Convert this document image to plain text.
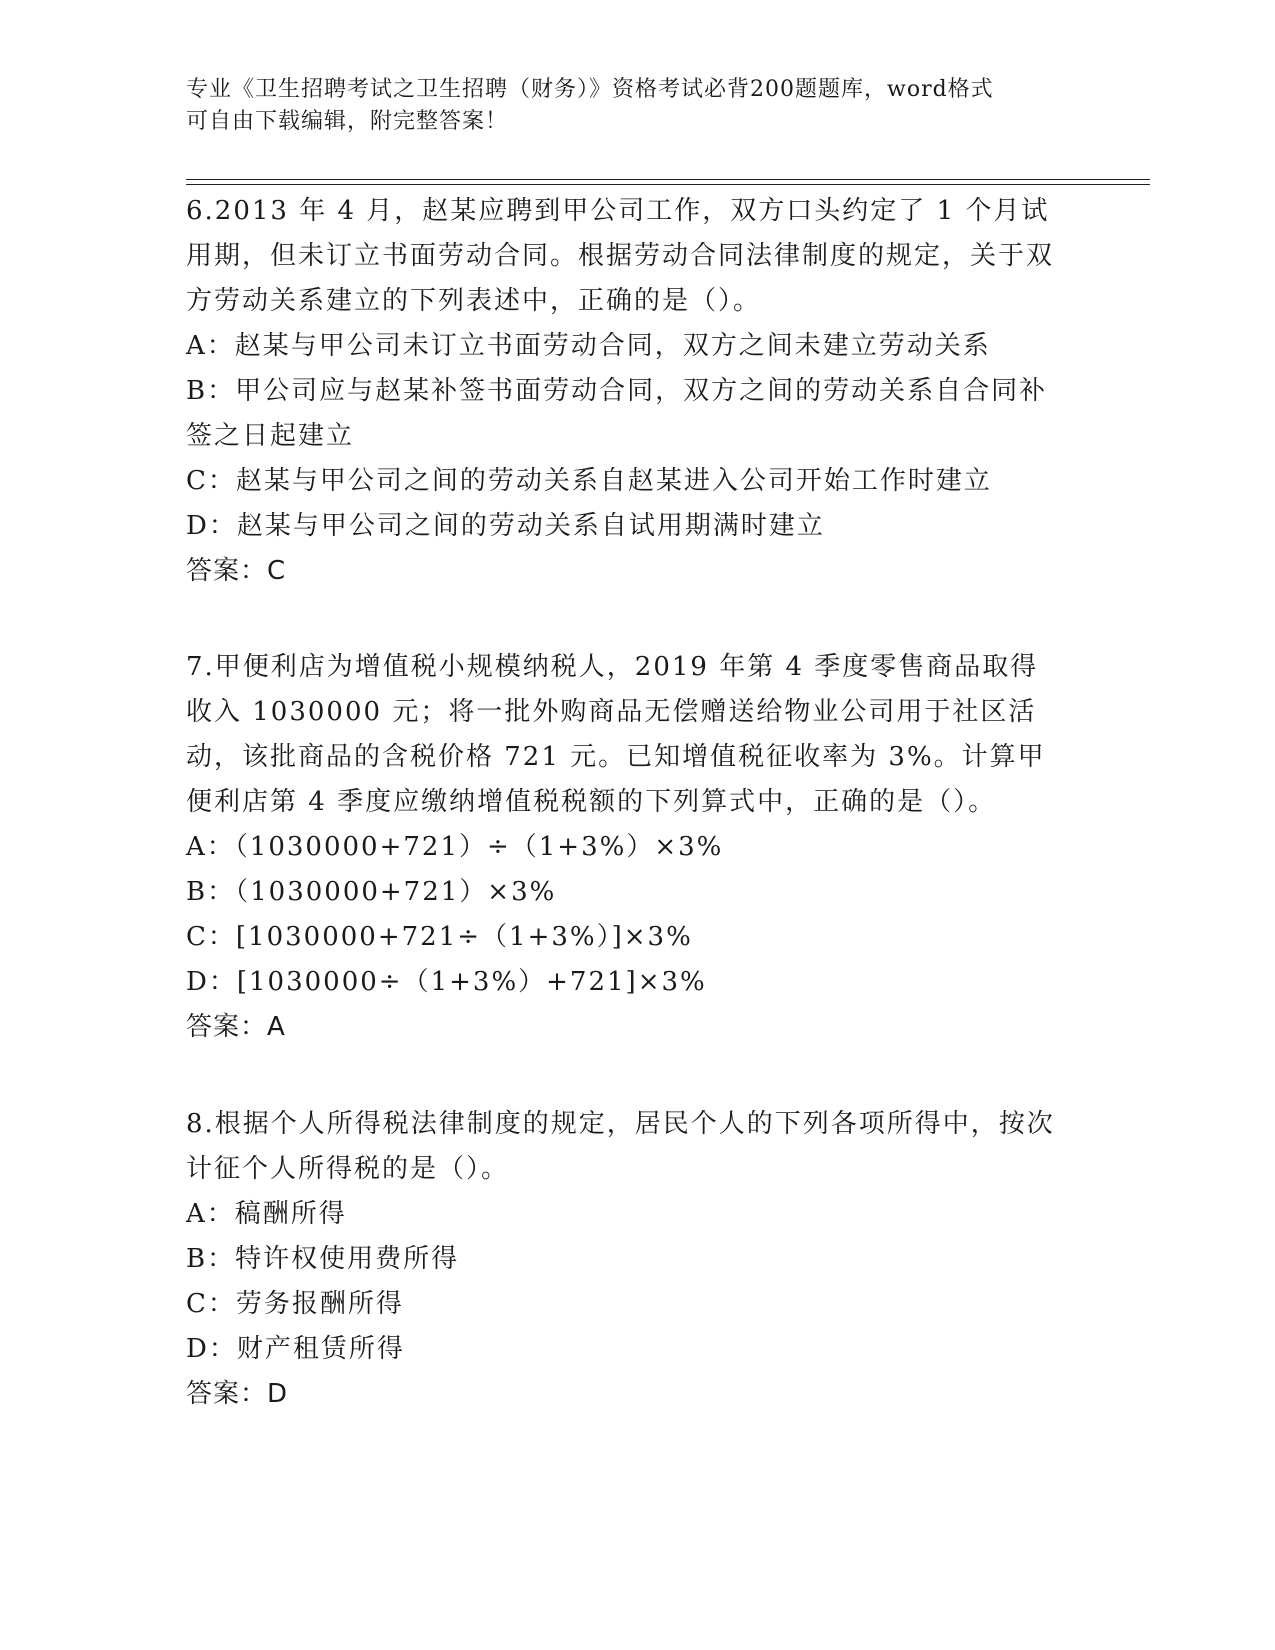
专业《卫生招聘考试之卫生招聘（财务）》资格考试必背200题题库，word格式
可自由下载编辑，附完整答案！

6.2013 年 4 月，赵某应聘到甲公司工作，双方口头约定了 1 个月试用期，但未订立书面劳动合同。根据劳动合同法律制度的规定，关于双方劳动关系建立的下列表述中，正确的是（）。

A：赵某与甲公司未订立书面劳动合同，双方之间未建立劳动关系

B：甲公司应与赵某补签书面劳动合同，双方之间的劳动关系自合同补签之日起建立

C：赵某与甲公司之间的劳动关系自赵某进入公司开始工作时建立

D：赵某与甲公司之间的劳动关系自试用期满时建立

答案：C

7.甲便利店为增值税小规模纳税人，2019 年第 4 季度零售商品取得收入 1030000 元；将一批外购商品无偿赠送给物业公司用于社区活动，该批商品的含税价格 721 元。已知增值税征收率为 3%。计算甲便利店第 4 季度应缴纳增值税税额的下列算式中，正确的是（）。

A：（1030000+721）÷（1+3%）×3%

B：（1030000+721）×3%

C：[1030000+721÷（1+3%）]×3%

D：[1030000÷（1+3%）+721]×3%

答案：A

8.根据个人所得税法律制度的规定，居民个人的下列各项所得中，按次计征个人所得税的是（）。

A：稿酬所得

B：特许权使用费所得

C：劳务报酬所得

D：财产租赁所得

答案：D
